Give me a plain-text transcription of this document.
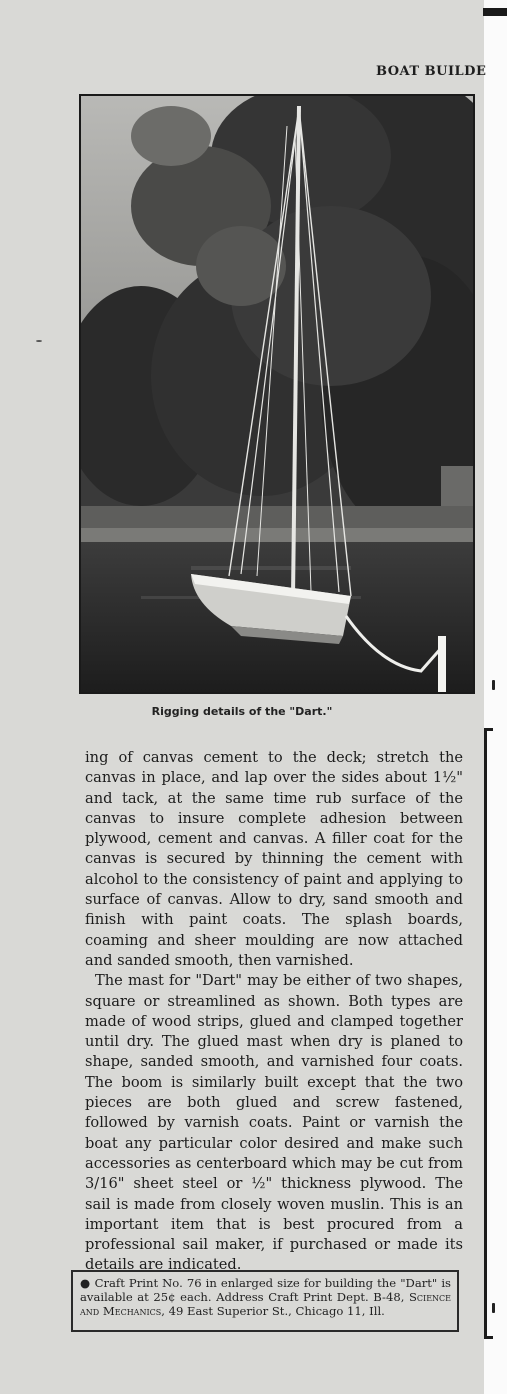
BOAT BUILDE
Rigging details of the "Dart."

ing of canvas cement to the deck; stretch the canvas in place, and lap over the sides about 1½" and tack, at the same time rub surface of the canvas to insure complete adhesion between plywood, cement and canvas. A filler coat for the canvas is secured by thinning the cement with alcohol to the consistency of paint and applying to surface of canvas. Allow to dry, sand smooth and finish with paint coats. The splash boards, coaming and sheer moulding are now attached and sanded smooth, then varnished.

The mast for "Dart" may be either of two shapes, square or streamlined as shown. Both types are made of wood strips, glued and clamped together until dry. The glued mast when dry is planed to shape, sanded smooth, and varnished four coats. The boom is similarly built except that the two pieces are both glued and screw fastened, followed by varnish coats. Paint or varnish the boat any particular color desired and make such accessories as centerboard which may be cut from 3/16" sheet steel or ½" thickness plywood. The sail is made from closely woven muslin. This is an important item that is best procured from a professional sail maker, if purchased or made its details are indicated.

● Craft Print No. 76 in enlarged size for building the "Dart" is available at 25¢ each. Address Craft Print Dept. B-48, Science and Mechanics, 49 East Superior St., Chicago 11, Ill.
